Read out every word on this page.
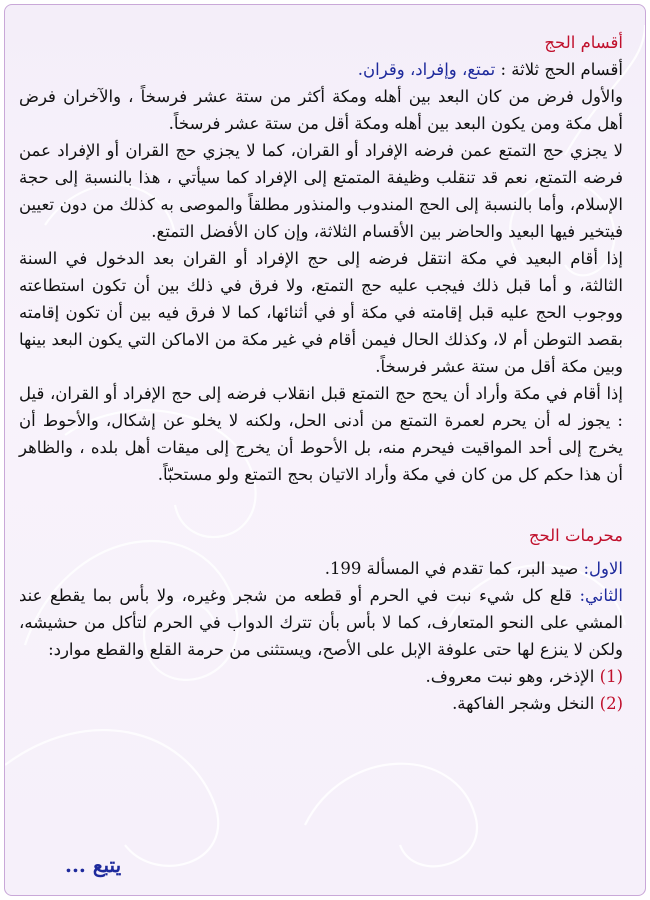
أقسام الحج

أقسام الحج ثلاثة : تمتع، وإفراد، وقران.

والأول فرض من كان البعد بين أهله ومكة أكثر من ستة عشر فرسخاً ، والآخران فرض أهل مكة ومن يكون البعد بين أهله ومكة أقل من ستة عشر فرسخاً.

لا يجزي حج التمتع عمن فرضه الإفراد أو القران، كما لا يجزي حج القران أو الإفراد عمن فرضه التمتع، نعم قد تنقلب وظيفة المتمتع إلى الإفراد كما سيأتي ، هذا بالنسبة إلى حجة الإسلام، وأما بالنسبة إلى الحج المندوب والمنذور مطلقاً والموصى به كذلك من دون تعيين فيتخير فيها البعيد والحاضر بين الأقسام الثلاثة، وإن كان الأفضل التمتع.

إذا أقام البعيد في مكة انتقل فرضه إلى حج الإفراد أو القران بعد الدخول في السنة الثالثة، و أما قبل ذلك فيجب عليه حج التمتع، ولا فرق في ذلك بين أن تكون استطاعته ووجوب الحج عليه قبل إقامته في مكة أو في أثنائها، كما لا فرق فيه بين أن تكون إقامته بقصد التوطن أم لا، وكذلك الحال فيمن أقام في غير مكة من الاماكن التي يكون البعد بينها وبين مكة أقل من ستة عشر فرسخاً.

إذا أقام في مكة وأراد أن يحج حج التمتع قبل انقلاب فرضه إلى حج الإفراد أو القران، قيل : يجوز له أن يحرم لعمرة التمتع من أدنى الحل، ولكنه لا يخلو عن إشكال، والأحوط أن يخرج إلى أحد المواقيت فيحرم منه، بل الأحوط أن يخرج إلى ميقات أهل بلده ، والظاهر أن هذا حكم كل من كان في مكة وأراد الاتيان بحج التمتع ولو مستحبّاً.

محرمات الحج

الاول: صيد البر، كما تقدم في المسألة 199.

الثاني: قلع كل شيء نبت في الحرم أو قطعه من شجر وغيره، ولا بأس بما يقطع عند المشي على النحو المتعارف، كما لا بأس بأن تترك الدواب في الحرم لتأكل من حشيشه، ولكن لا ينزع لها حتى علوفة الإبل على الأصح، ويستثنى من حرمة القلع والقطع موارد:

(1) الإذخر، وهو نبت معروف.

(2) النخل وشجر الفاكهة.

يتبع ...
